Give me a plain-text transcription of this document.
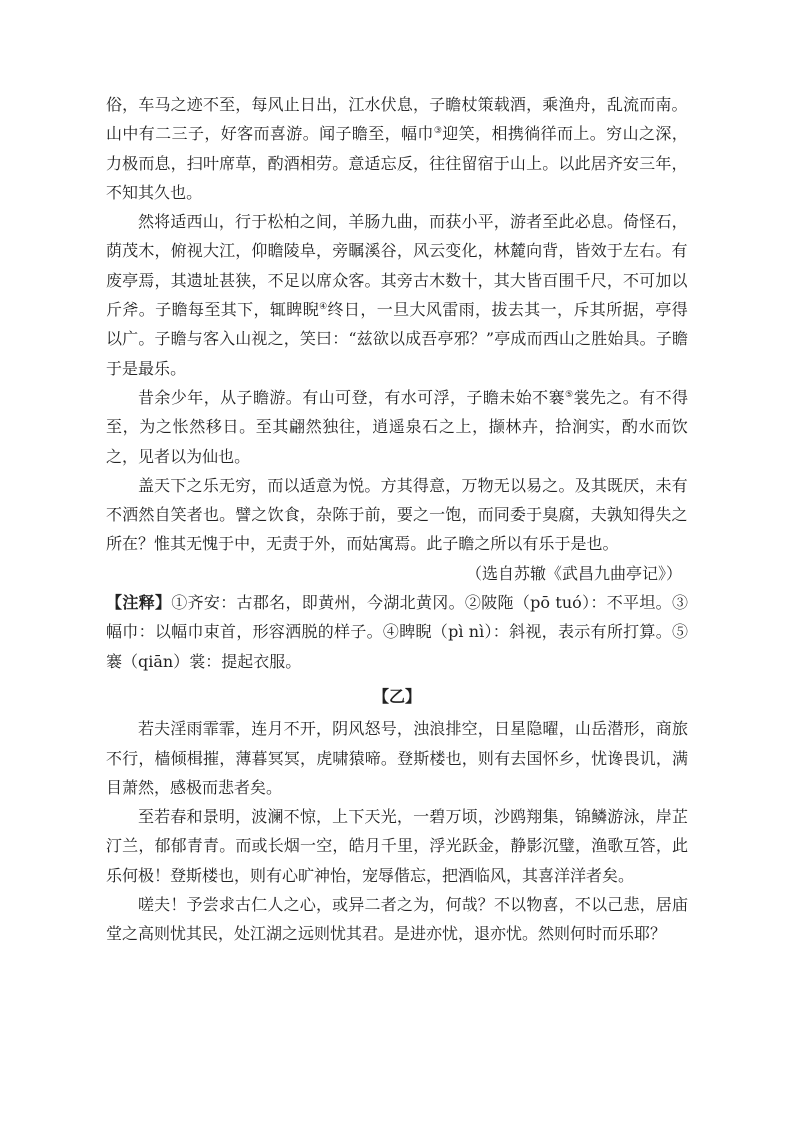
俗，车马之迹不至，每风止日出，江水伏息，子瞻杖策载酒，乘渔舟，乱流而南。山中有二三子，好客而喜游。闻子瞻至，幅巾③迎笑，相携徜徉而上。穷山之深，力极而息，扫叶席草，酌酒相劳。意适忘反，往往留宿于山上。以此居齐安三年，不知其久也。

然将适西山，行于松柏之间，羊肠九曲，而获小平，游者至此必息。倚怪石，荫茂木，俯视大江，仰瞻陵阜，旁瞩溪谷，风云变化，林麓向背，皆效于左右。有废亭焉，其遗址甚狭，不足以席众客。其旁古木数十，其大皆百围千尺，不可加以斤斧。子瞻每至其下，辄睥睨④终日，一旦大风雷雨，拔去其一，斥其所据，亭得以广。子瞻与客入山视之，笑曰：“兹欲以成吾亭邪？”亭成而西山之胜始具。子瞻于是最乐。

昔余少年，从子瞻游。有山可登，有水可浮，子瞻未始不褰⑤裳先之。有不得至，为之怅然移日。至其翩然独往，逍遥泉石之上，撷林卉，拾涧实，酌水而饮之，见者以为仙也。

盖天下之乐无穷，而以适意为悦。方其得意，万物无以易之。及其既厌，未有不洒然自笑者也。譬之饮食，杂陈于前，要之一饱，而同委于臭腐，夫孰知得失之所在？惟其无愧于中，无责于外，而姑寓焉。此子瞻之所以有乐于是也。

（选自苏辙《武昌九曲亭记》）

【注释】①齐安：古郡名，即黄州，今湖北黄冈。②陂陁（pō tuó）：不平坦。③幅巾：以幅巾束首，形容洒脱的样子。④睥睨（pì nì）：斜视，表示有所打算。⑤褰（qiān）裳：提起衣服。

【乙】

若夫淫雨霏霏，连月不开，阴风怒号，浊浪排空，日星隐曜，山岳潜形，商旅不行，樯倾楫摧，薄暮冥冥，虎啸猿啼。登斯楼也，则有去国怀乡，忧谗畏讥，满目萧然，感极而悲者矣。

至若春和景明，波澜不惊，上下天光，一碧万顷，沙鸥翔集，锦鳞游泳，岸芷汀兰，郁郁青青。而或长烟一空，皓月千里，浮光跃金，静影沉璧，渔歌互答，此乐何极！登斯楼也，则有心旷神怡，宠辱偕忘，把酒临风，其喜洋洋者矣。

嗟夫！予尝求古仁人之心，或异二者之为，何哉？不以物喜，不以己悲，居庙堂之高则忧其民，处江湖之远则忧其君。是进亦忧，退亦忧。然则何时而乐耶？
